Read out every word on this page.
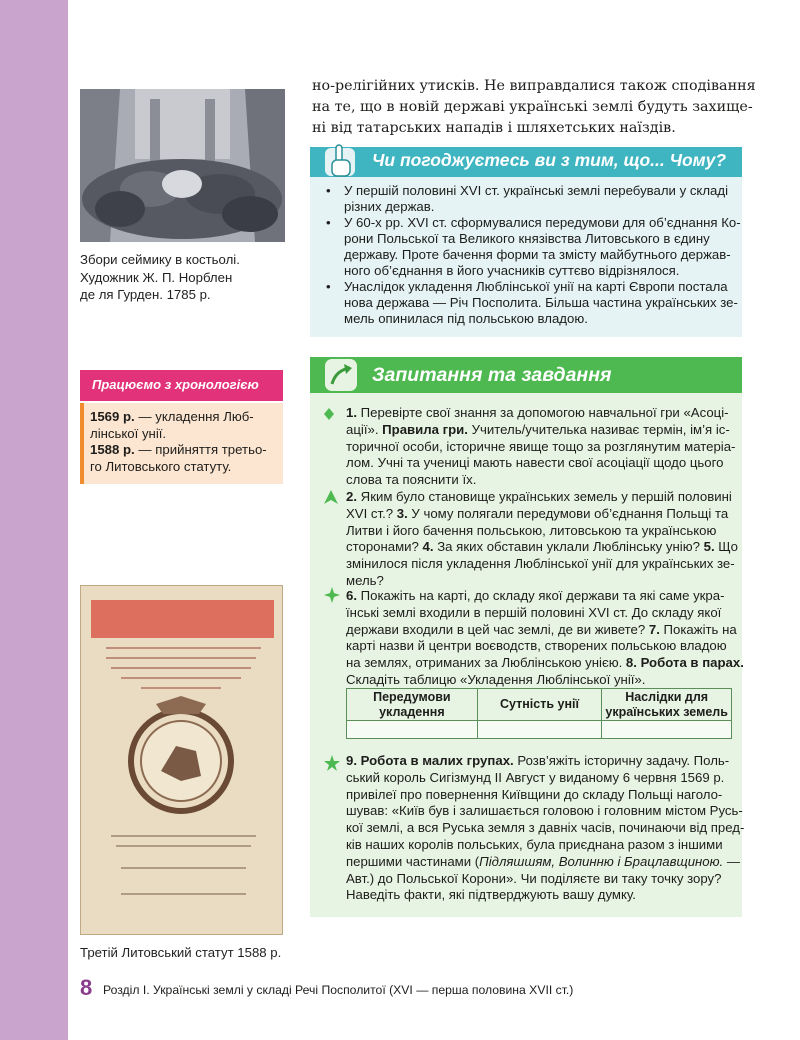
Збори сеймику в костьолі.
Художник Ж. П. Норблен
де ля Гурден. 1785 р.
но-релігійних утисків. Не виправдалися також сподівання
на те, що в новій державі українські землі будуть захище-
ні від татарських нападів і шляхетських наїздів.
Чи погоджуєтесь ви з тим, що... Чому?
• У першій половині XVI ст. українські землі перебували у складі
різних держав.
• У 60-х рр. XVI ст. сформувалися передумови для об’єднання Ко-
рони Польської та Великого князівства Литовського в єдину
державу. Проте бачення форми та змісту майбутнього держав-
ного об’єднання в його учасників суттєво відрізнялося.
• Унаслідок укладення Люблінської унії на карті Європи постала
нова держава — Річ Посполита. Більша частина українських зе-
мель опинилася під польською владою.
Працюємо з хронологією
1569 р. — укладення Люб-
лінської унії.
1588 р. — прийняття третьо-
го Литовського статуту.
Третій Литовський статут 1588 р.
Запитання та завдання
1. Перевірте свої знання за допомогою навчальної гри «Асоці-
ації». Правила гри. Учитель/учителька називає термін, ім’я іс-
торичної особи, історичне явище тощо за розглянутим матеріа-
лом. Учні та учениці мають навести свої асоціації щодо цього
слова та пояснити їх.
2. Яким було становище українських земель у першій половині
XVI ст.? 3. У чому полягали передумови об’єднання Польщі та
Литви і його бачення польською, литовською та українською
сторонами? 4. За яких обставин уклали Люблінську унію? 5. Що
змінилося після укладення Люблінської унії для українських зе-
мель?
6. Покажіть на карті, до складу якої держави та які саме укра-
їнські землі входили в першій половині XVI ст. До складу якої
держави входили в цей час землі, де ви живете? 7. Покажіть на
карті назви й центри воєводств, створених польською владою
на землях, отриманих за Люблінською унією. 8. Робота в парах.
Складіть таблицю «Укладення Люблінської унії».
9. Робота в малих групах. Розв’яжіть історичну задачу. Поль-
ський король Сигізмунд ІІ Август у виданому 6 червня 1569 р.
привілеї про повернення Київщини до складу Польщі наголо-
шував: «Київ був і залишається головою і головним містом Русь-
кої землі, а вся Руська земля з давніх часів, починаючи від пред-
ків наших королів польських, була приєднана разом з іншими
першими частинами (Підляшшям, Волинню і Брацлавщиною. —
Авт.) до Польської Корони». Чи поділяєте ви таку точку зору?
Наведіть факти, які підтверджують вашу думку.
Передумови укладення	Сутність унії	Наслідки для українських земель

8 Розділ І. Українські землі у складі Речі Посполитої (XVI — перша половина XVII ст.)
